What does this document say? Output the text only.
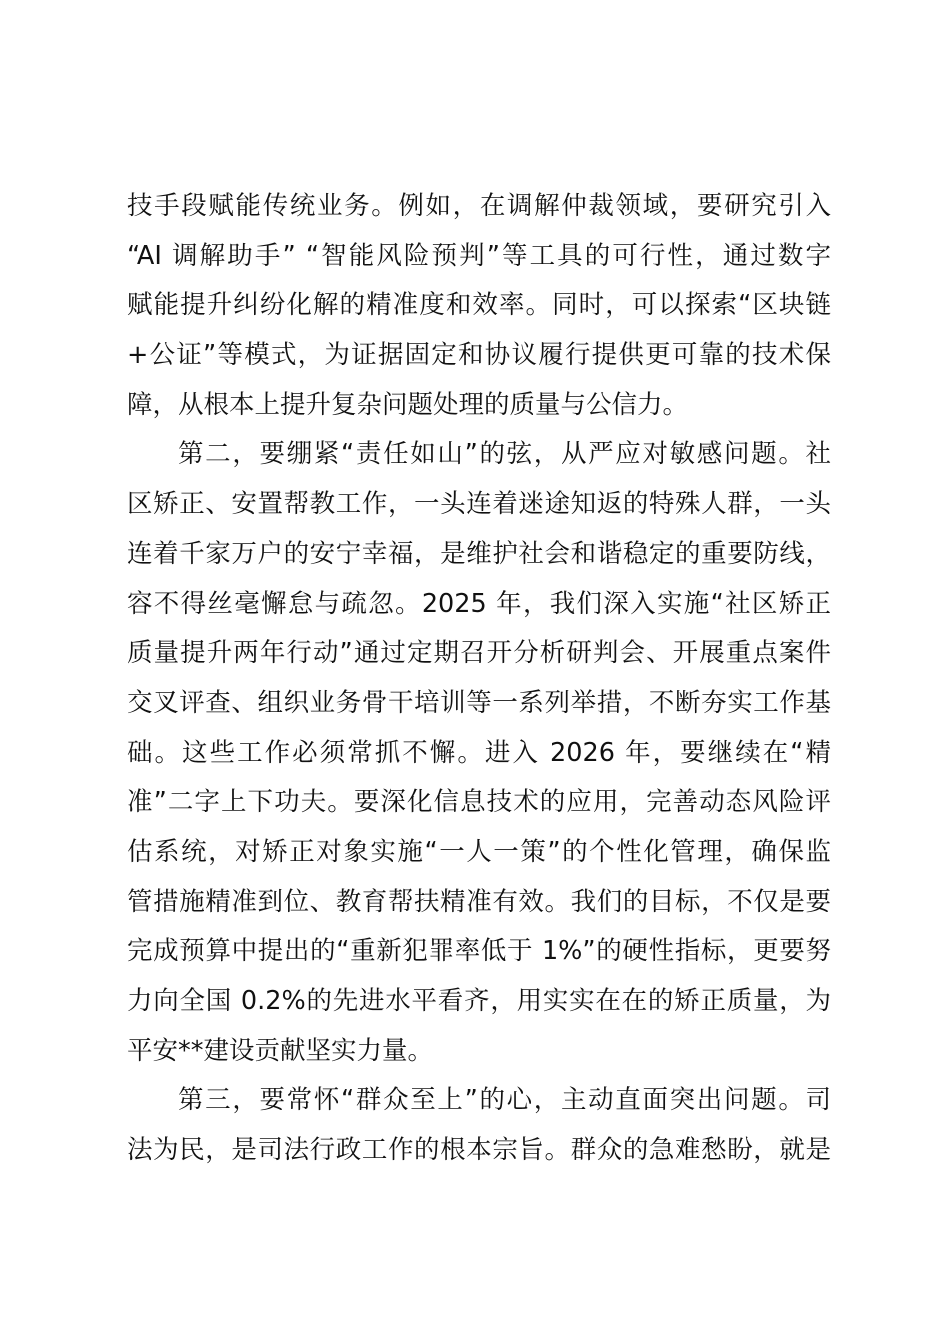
技手段赋能传统业务。例如，在调解仲裁领域，要研究引入
“AI 调解助手” “智能风险预判”等工具的可行性，通过数字
赋能提升纠纷化解的精准度和效率。同时，可以探索“区块链
+公证”等模式，为证据固定和协议履行提供更可靠的技术保
障，从根本上提升复杂问题处理的质量与公信力。
第二，要绷紧“责任如山”的弦，从严应对敏感问题。社
区矫正、安置帮教工作，一头连着迷途知返的特殊人群，一头
连着千家万户的安宁幸福，是维护社会和谐稳定的重要防线，
容不得丝毫懈怠与疏忽。2025 年，我们深入实施“社区矫正
质量提升两年行动”通过定期召开分析研判会、开展重点案件
交叉评查、组织业务骨干培训等一系列举措，不断夯实工作基
础。这些工作必须常抓不懈。进入 2026 年，要继续在“精
准”二字上下功夫。要深化信息技术的应用，完善动态风险评
估系统，对矫正对象实施“一人一策”的个性化管理，确保监
管措施精准到位、教育帮扶精准有效。我们的目标，不仅是要
完成预算中提出的“重新犯罪率低于 1%”的硬性指标，更要努
力向全国 0.2%的先进水平看齐，用实实在在的矫正质量，为
平安**建设贡献坚实力量。
第三，要常怀“群众至上”的心，主动直面突出问题。司
法为民，是司法行政工作的根本宗旨。群众的急难愁盼，就是
